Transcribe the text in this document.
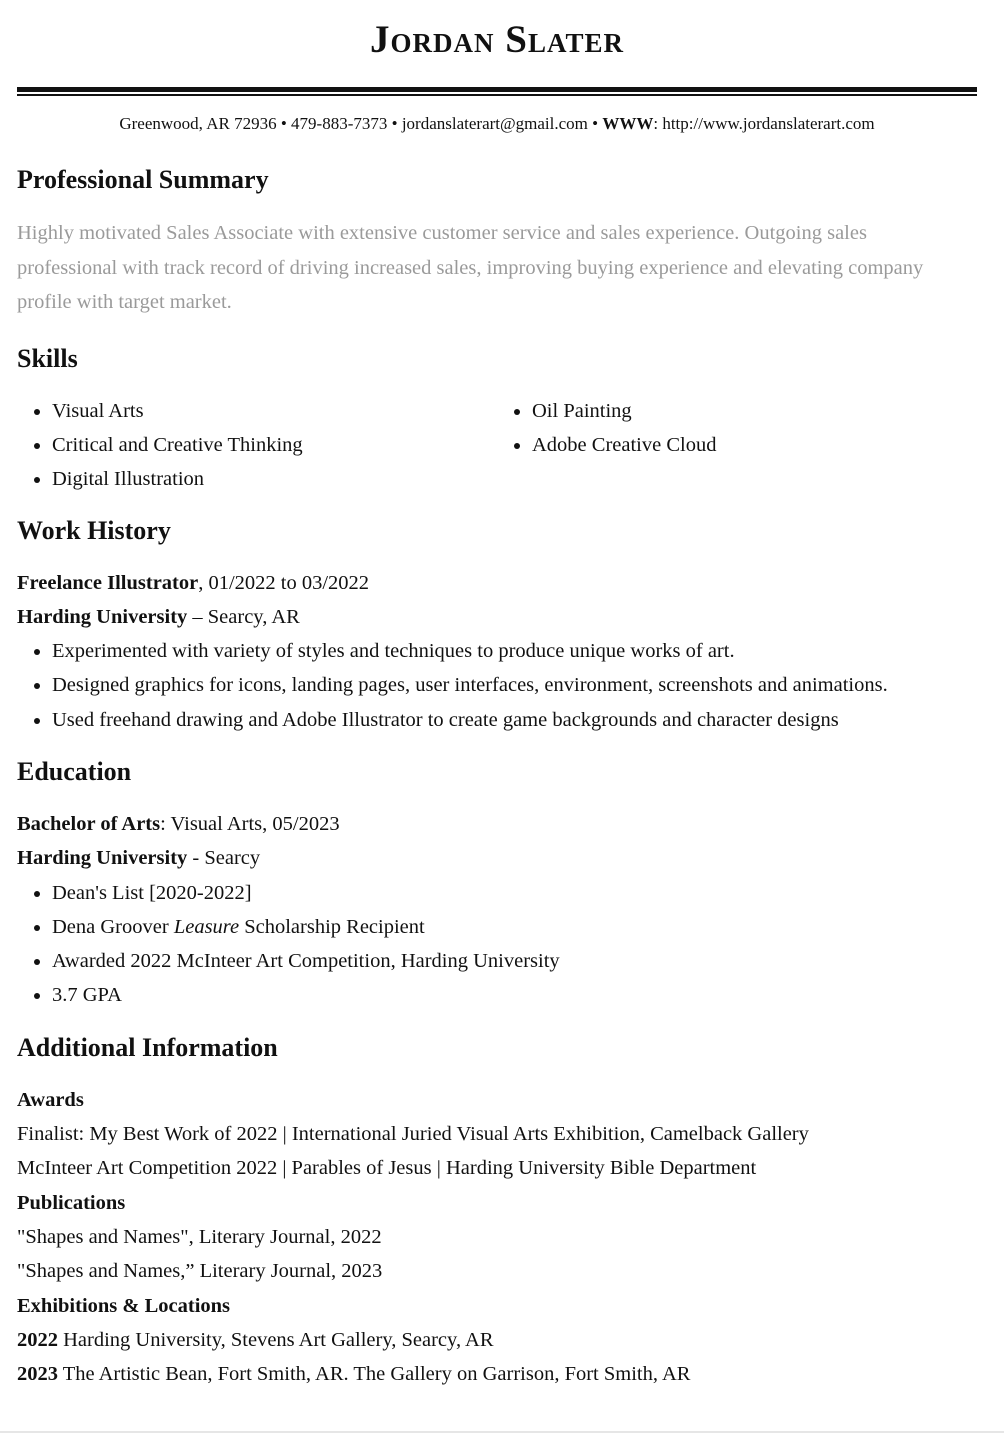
Jordan Slater
Greenwood, AR 72936 • 479-883-7373 • jordanslaterart@gmail.com • WWW: http://www.jordanslaterart.com
Professional Summary
Highly motivated Sales Associate with extensive customer service and sales experience. Outgoing sales professional with track record of driving increased sales, improving buying experience and elevating company profile with target market.
Skills
• Visual Arts
• Critical and Creative Thinking
• Digital Illustration
• Oil Painting
• Adobe Creative Cloud
Work History
Freelance Illustrator, 01/2022 to 03/2022
Harding University – Searcy, AR
• Experimented with variety of styles and techniques to produce unique works of art.
• Designed graphics for icons, landing pages, user interfaces, environment, screenshots and animations.
• Used freehand drawing and Adobe Illustrator to create game backgrounds and character designs
Education
Bachelor of Arts: Visual Arts, 05/2023
Harding University - Searcy
• Dean's List [2020-2022]
• Dena Groover Leasure Scholarship Recipient
• Awarded 2022 McInteer Art Competition, Harding University
• 3.7 GPA
Additional Information
Awards
Finalist: My Best Work of 2022 | International Juried Visual Arts Exhibition, Camelback Gallery
McInteer Art Competition 2022 | Parables of Jesus | Harding University Bible Department
Publications
"Shapes and Names", Literary Journal, 2022
"Shapes and Names,” Literary Journal, 2023
Exhibitions & Locations
2022 Harding University, Stevens Art Gallery, Searcy, AR
2023 The Artistic Bean, Fort Smith, AR. The Gallery on Garrison, Fort Smith, AR
